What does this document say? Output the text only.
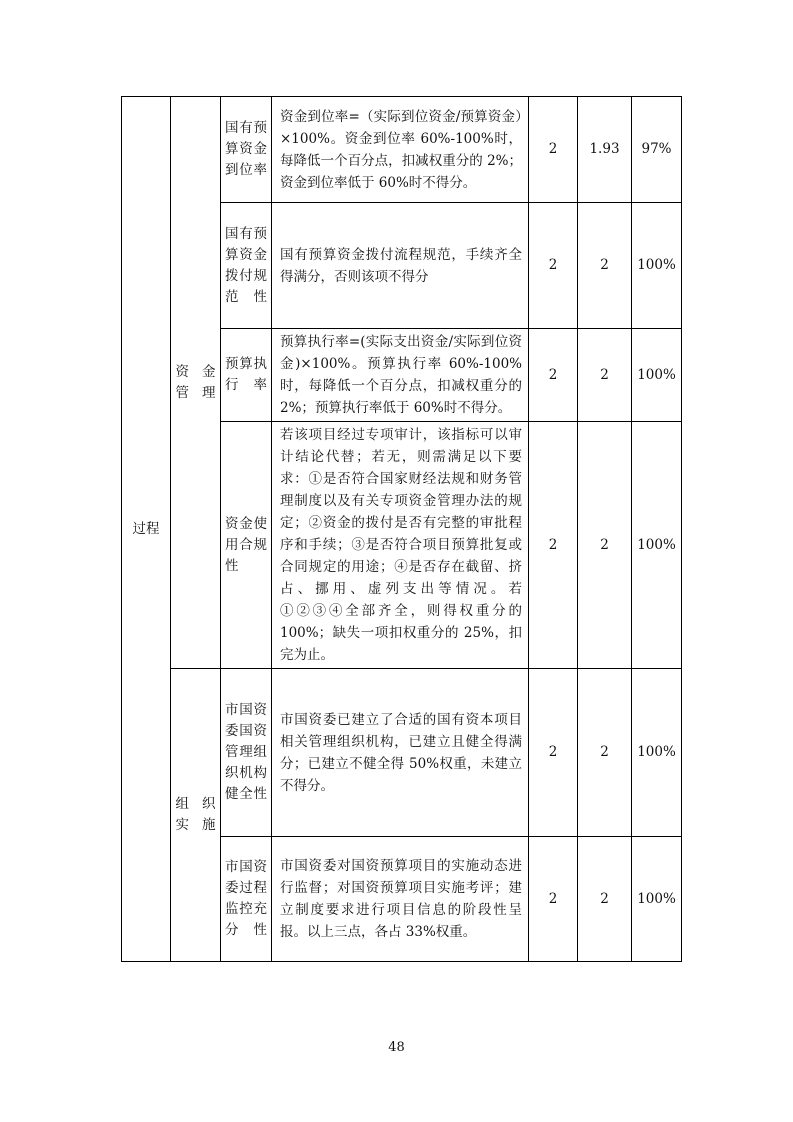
过程	资金管理	国有预算资金到位率	资金到位率=（实际到位资金/预算资金）×100%。资金到位率 60%-100%时，每降低一个百分点，扣减权重分的 2%；资金到位率低于 60%时不得分。	2	1.93	97%
		国有预算资金拨付规范性	国有预算资金拨付流程规范，手续齐全得满分，否则该项不得分	2	2	100%
		预算执行率	预算执行率=(实际支出资金/实际到位资金)×100%。预算执行率 60%-100%时，每降低一个百分点，扣减权重分的 2%；预算执行率低于 60%时不得分。	2	2	100%
		资金使用合规性	若该项目经过专项审计，该指标可以审计结论代替；若无，则需满足以下要求：①是否符合国家财经法规和财务管理制度以及有关专项资金管理办法的规定；②资金的拨付是否有完整的审批程序和手续；③是否符合项目预算批复或合同规定的用途；④是否存在截留、挤占、挪用、虚列支出等情况。若①②③④全部齐全，则得权重分的100%；缺失一项扣权重分的 25%，扣完为止。	2	2	100%
	组织实施	市国资委国资管理组织机构健全性	市国资委已建立了合适的国有资本项目相关管理组织机构，已建立且健全得满分；已建立不健全得 50%权重，未建立不得分。	2	2	100%
		市国资委过程监控充分性	市国资委对国资预算项目的实施动态进行监督；对国资预算项目实施考评；建立制度要求进行项目信息的阶段性呈报。以上三点，各占 33%权重。	2	2	100%
48
